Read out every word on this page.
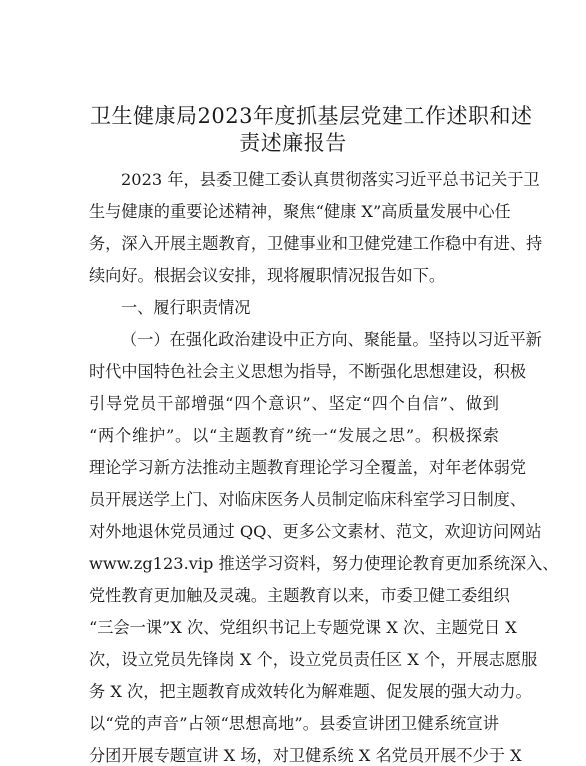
卫生健康局2023年度抓基层党建工作述职和述
责述廉报告
2023 年，县委卫健工委认真贯彻落实习近平总书记关于卫
生与健康的重要论述精神，聚焦“健康 X”高质量发展中心任
务，深入开展主题教育，卫健事业和卫健党建工作稳中有进、持
续向好。根据会议安排，现将履职情况报告如下。
一、履行职责情况
（一）在强化政治建设中正方向、聚能量。坚持以习近平新
时代中国特色社会主义思想为指导，不断强化思想建设，积极
引导党员干部增强“四个意识”、坚定“四个自信”、做到
“两个维护”。以“主题教育”统一“发展之思”。积极探索
理论学习新方法推动主题教育理论学习全覆盖，对年老体弱党
员开展送学上门、对临床医务人员制定临床科室学习日制度、
对外地退休党员通过 QQ、更多公文素材、范文，欢迎访问网站
www.zg123.vip 推送学习资料，努力使理论教育更加系统深入、
党性教育更加触及灵魂。主题教育以来，市委卫健工委组织
“三会一课”X 次、党组织书记上专题党课 X 次、主题党日 X
次，设立党员先锋岗 X 个，设立党员责任区 X 个，开展志愿服
务 X 次，把主题教育成效转化为解难题、促发展的强大动力。
以“党的声音”占领“思想高地”。县委宣讲团卫健系统宣讲
分团开展专题宣讲 X 场，对卫健系统 X 名党员开展不少于 X
